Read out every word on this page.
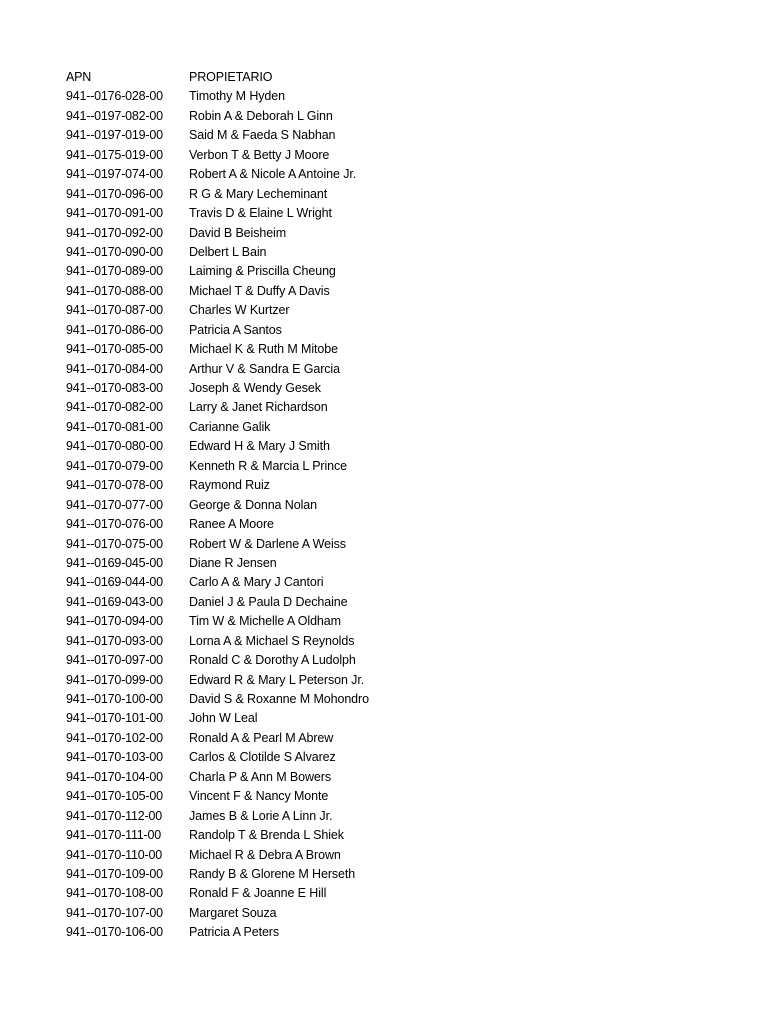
APN	PROPIETARIO
941--0176-028-00	Timothy M Hyden
941--0197-082-00	Robin A & Deborah L Ginn
941--0197-019-00	Said M & Faeda S Nabhan
941--0175-019-00	Verbon T & Betty J Moore
941--0197-074-00	Robert A & Nicole A Antoine Jr.
941--0170-096-00	R G & Mary Lecheminant
941--0170-091-00	Travis D & Elaine L Wright
941--0170-092-00	David B Beisheim
941--0170-090-00	Delbert L Bain
941--0170-089-00	Laiming & Priscilla Cheung
941--0170-088-00	Michael T & Duffy A Davis
941--0170-087-00	Charles W Kurtzer
941--0170-086-00	Patricia A Santos
941--0170-085-00	Michael K & Ruth M Mitobe
941--0170-084-00	Arthur V & Sandra E Garcia
941--0170-083-00	Joseph & Wendy Gesek
941--0170-082-00	Larry & Janet Richardson
941--0170-081-00	Carianne Galik
941--0170-080-00	Edward H & Mary J Smith
941--0170-079-00	Kenneth R & Marcia L Prince
941--0170-078-00	Raymond Ruiz
941--0170-077-00	George & Donna Nolan
941--0170-076-00	Ranee A Moore
941--0170-075-00	Robert W & Darlene A Weiss
941--0169-045-00	Diane R Jensen
941--0169-044-00	Carlo A & Mary J Cantori
941--0169-043-00	Daniel J & Paula D Dechaine
941--0170-094-00	Tim W & Michelle A Oldham
941--0170-093-00	Lorna A & Michael S Reynolds
941--0170-097-00	Ronald C & Dorothy A Ludolph
941--0170-099-00	Edward R & Mary L Peterson Jr.
941--0170-100-00	David S & Roxanne M Mohondro
941--0170-101-00	John W Leal
941--0170-102-00	Ronald A & Pearl M Abrew
941--0170-103-00	Carlos & Clotilde S Alvarez
941--0170-104-00	Charla P & Ann M Bowers
941--0170-105-00	Vincent F & Nancy Monte
941--0170-112-00	James B & Lorie A Linn Jr.
941--0170-111-00	Randolp T & Brenda L Shiek
941--0170-110-00	Michael R & Debra A Brown
941--0170-109-00	Randy B & Glorene M Herseth
941--0170-108-00	Ronald F & Joanne E Hill
941--0170-107-00	Margaret Souza
941--0170-106-00	Patricia A Peters
